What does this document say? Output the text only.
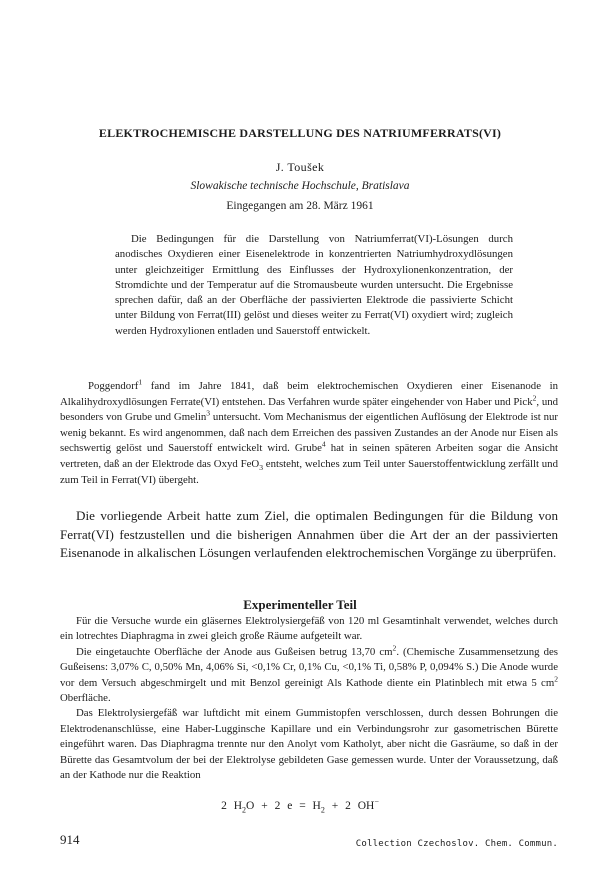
ELEKTROCHEMISCHE DARSTELLUNG DES NATRIUMFERRATS(VI)
J. Toušek
Slowakische technische Hochschule, Bratislava
Eingegangen am 28. März 1961
Die Bedingungen für die Darstellung von Natriumferrat(VI)-Lösungen durch anodisches Oxydieren einer Eisenelektrode in konzentrierten Natriumhydroxydlösungen unter gleichzeitiger Ermittlung des Einflusses der Hydroxylionenkonzentration, der Stromdichte und der Temperatur auf die Stromausbeute wurden untersucht. Die Ergebnisse sprechen dafür, daß an der Oberfläche der passivierten Elektrode die passivierte Schicht unter Bildung von Ferrat(III) gelöst und dieses weiter zu Ferrat(VI) oxydiert wird; zugleich werden Hydroxylionen entladen und Sauerstoff entwickelt.
Poggendorf$^1$ fand im Jahre 1841, daß beim elektrochemischen Oxydieren einer Eisenanode in Alkalihydroxydlösungen Ferrate(VI) entstehen. Das Verfahren wurde später eingehender von Haber und Pick$^2$, und besonders von Grube und Gmelin$^3$ untersucht. Vom Mechanismus der eigentlichen Auflösung der Elektrode ist nur wenig bekannt. Es wird angenommen, daß nach dem Erreichen des passiven Zustandes an der Anode nur Eisen als sechswertig gelöst und Sauerstoff entwickelt wird. Grube$^4$ hat in seinen späteren Arbeiten sogar die Ansicht vertreten, daß an der Elektrode das Oxyd FeO$_3$ entsteht, welches zum Teil unter Sauerstoffentwicklung zerfällt und zum Teil in Ferrat(VI) übergeht.
Die vorliegende Arbeit hatte zum Ziel, die optimalen Bedingungen für die Bildung von Ferrat(VI) festzustellen und die bisherigen Annahmen über die Art der an der passivierten Eisenanode in alkalischen Lösungen verlaufenden elektrochemischen Vorgänge zu überprüfen.
Experimenteller Teil

Für die Versuche wurde ein gläsernes Elektrolysiergefäß von 120 ml Gesamtinhalt verwendet, welches durch ein lotrechtes Diaphragma in zwei gleich große Räume aufgeteilt war.

Die eingetauchte Oberfläche der Anode aus Gußeisen betrug 13,70 $cm^2$. (Chemische Zusammensetzung des Gußeisens: 3,07% C, 0,50% Mn, 4,06% Si, <0,1% Cr, 0,1% Cu, <0,1% Ti, 0,58% P, 0,094% S.) Die Anode wurde vor dem Versuch abgeschmirgelt und mit Benzol gereinigt Als Kathode diente ein Platinblech mit etwa 5 $cm^2$ Oberfläche.

Das Elektrolysiergefäß war luftdicht mit einem Gummistopfen verschlossen, durch dessen Bohrungen die Elektrodenanschlüsse, eine Haber-Lugginsche Kapillare und ein Verbindungsrohr zur gasometrischen Bürette eingeführt waren. Das Diaphragma trennte nur den Anolyt vom Katholyt, aber nicht die Gasräume, so daß in der Bürette das Gesamtvolum der bei der Elektrolyse gebildeten Gase gemessen wurde. Unter der Voraussetzung, daß an der Kathode nur die Reaktion

2 $H_2O + 2$ $e = H_2 + 2$ OH−
914	Collection Czechoslov. Chem. Commun.
